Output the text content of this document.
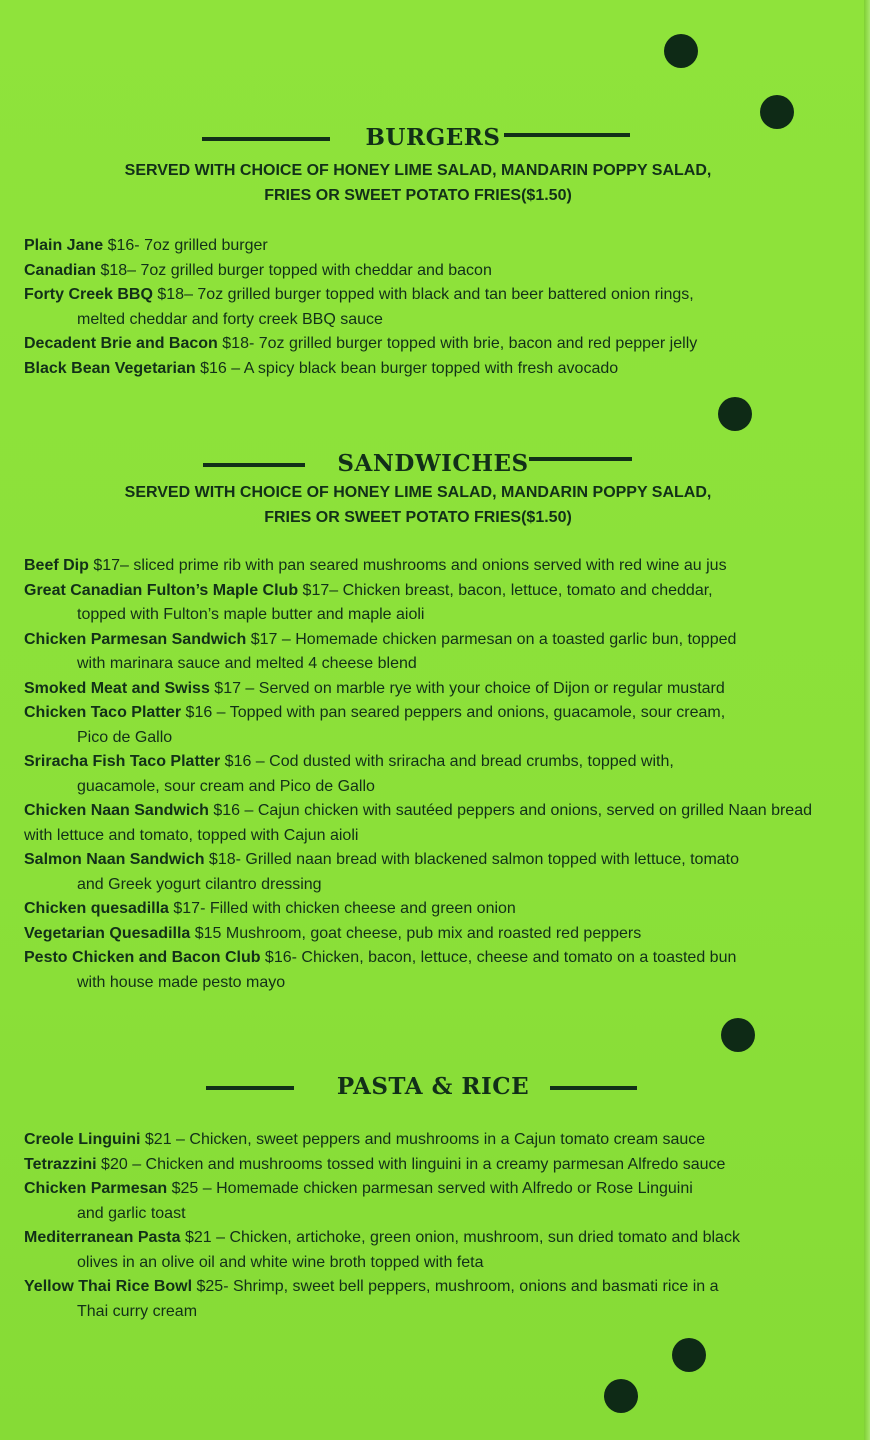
BURGERS
SERVED WITH CHOICE OF HONEY LIME SALAD, MANDARIN POPPY SALAD,
FRIES OR SWEET POTATO FRIES($1.50)

Plain Jane $16- 7oz grilled burger

Canadian $18– 7oz grilled burger topped with cheddar and bacon

Forty Creek BBQ $18– 7oz grilled burger topped with black and tan beer battered onion rings,

melted cheddar and forty creek BBQ sauce

Decadent Brie and Bacon $18- 7oz grilled burger topped with brie, bacon and red pepper jelly

Black Bean Vegetarian $16 – A spicy black bean burger topped with fresh avocado

SANDWICHES
SERVED WITH CHOICE OF HONEY LIME SALAD, MANDARIN POPPY SALAD,
FRIES OR SWEET POTATO FRIES($1.50)

Beef Dip $17– sliced prime rib with pan seared mushrooms and onions served with red wine au jus

Great Canadian Fulton’s Maple Club $17– Chicken breast, bacon, lettuce, tomato and cheddar,

topped with Fulton’s maple butter and maple aioli

Chicken Parmesan Sandwich $17 – Homemade chicken parmesan on a toasted garlic bun, topped

with marinara sauce and melted 4 cheese blend

Smoked Meat and Swiss $17 – Served on marble rye with your choice of Dijon or regular mustard

Chicken Taco Platter $16 – Topped with pan seared peppers and onions, guacamole, sour cream,

Pico de Gallo

Sriracha Fish Taco Platter $16 – Cod dusted with sriracha and bread crumbs, topped with,

guacamole, sour cream and Pico de Gallo

Chicken Naan Sandwich $16 – Cajun chicken with sautéed peppers and onions, served on grilled Naan bread with lettuce and tomato, topped with Cajun aioli

Salmon Naan Sandwich $18- Grilled naan bread with blackened salmon topped with lettuce, tomato

and Greek yogurt cilantro dressing

Chicken quesadilla $17- Filled with chicken cheese and green onion

Vegetarian Quesadilla $15 Mushroom, goat cheese, pub mix and roasted red peppers

Pesto Chicken and Bacon Club $16- Chicken, bacon, lettuce, cheese and tomato on a toasted bun

with house made pesto mayo

PASTA & RICE

Creole Linguini $21 – Chicken, sweet peppers and mushrooms in a Cajun tomato cream sauce

Tetrazzini $20 – Chicken and mushrooms tossed with linguini in a creamy parmesan Alfredo sauce

Chicken Parmesan $25 – Homemade chicken parmesan served with Alfredo or Rose Linguini

and garlic toast

Mediterranean Pasta $21 – Chicken, artichoke, green onion, mushroom, sun dried tomato and black

olives in an olive oil and white wine broth topped with feta

Yellow Thai Rice Bowl $25- Shrimp, sweet bell peppers, mushroom, onions and basmati rice in a

Thai curry cream
